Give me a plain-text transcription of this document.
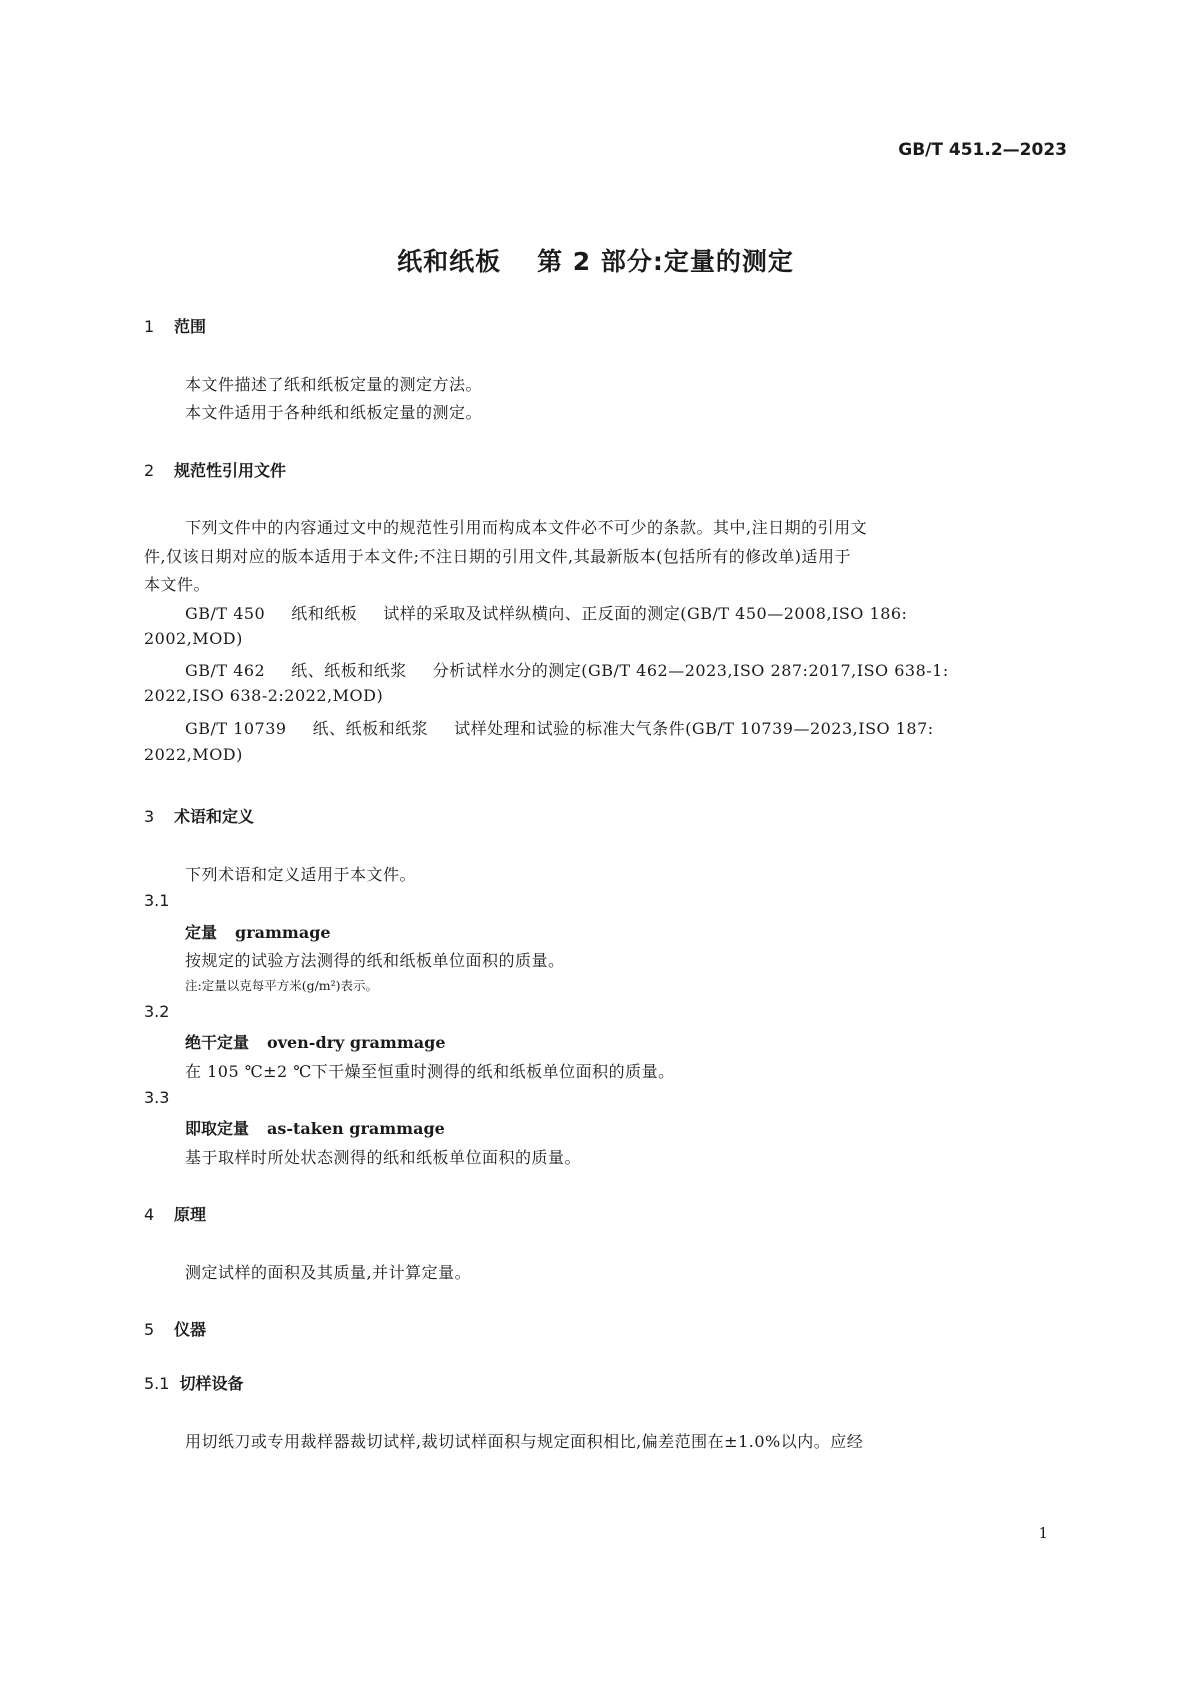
GB/T 451.2—2023
纸和纸板 第 2 部分:定量的测定
1 范围
本文件描述了纸和纸板定量的测定方法。
本文件适用于各种纸和纸板定量的测定。
2 规范性引用文件
下列文件中的内容通过文中的规范性引用而构成本文件必不可少的条款。其中,注日期的引用文
件,仅该日期对应的版本适用于本文件;不注日期的引用文件,其最新版本(包括所有的修改单)适用于
本文件。
GB/T 450 纸和纸板 试样的采取及试样纵横向、正反面的测定(GB/T 450—2008,ISO 186:
2002,MOD)
GB/T 462 纸、纸板和纸浆 分析试样水分的测定(GB/T 462—2023,ISO 287:2017,ISO 638-1:
2022,ISO 638-2:2022,MOD)
GB/T 10739 纸、纸板和纸浆 试样处理和试验的标准大气条件(GB/T 10739—2023,ISO 187:
2022,MOD)
3 术语和定义
下列术语和定义适用于本文件。
3.1
定量 grammage
按规定的试验方法测得的纸和纸板单位面积的质量。
注:定量以克每平方米(g/m²)表示。
3.2
绝干定量 oven-dry grammage
在 105 ℃±2 ℃下干燥至恒重时测得的纸和纸板单位面积的质量。
3.3
即取定量 as-taken grammage
基于取样时所处状态测得的纸和纸板单位面积的质量。
4 原理
测定试样的面积及其质量,并计算定量。
5 仪器
5.1 切样设备
用切纸刀或专用裁样器裁切试样,裁切试样面积与规定面积相比,偏差范围在±1.0%以内。应经
1
